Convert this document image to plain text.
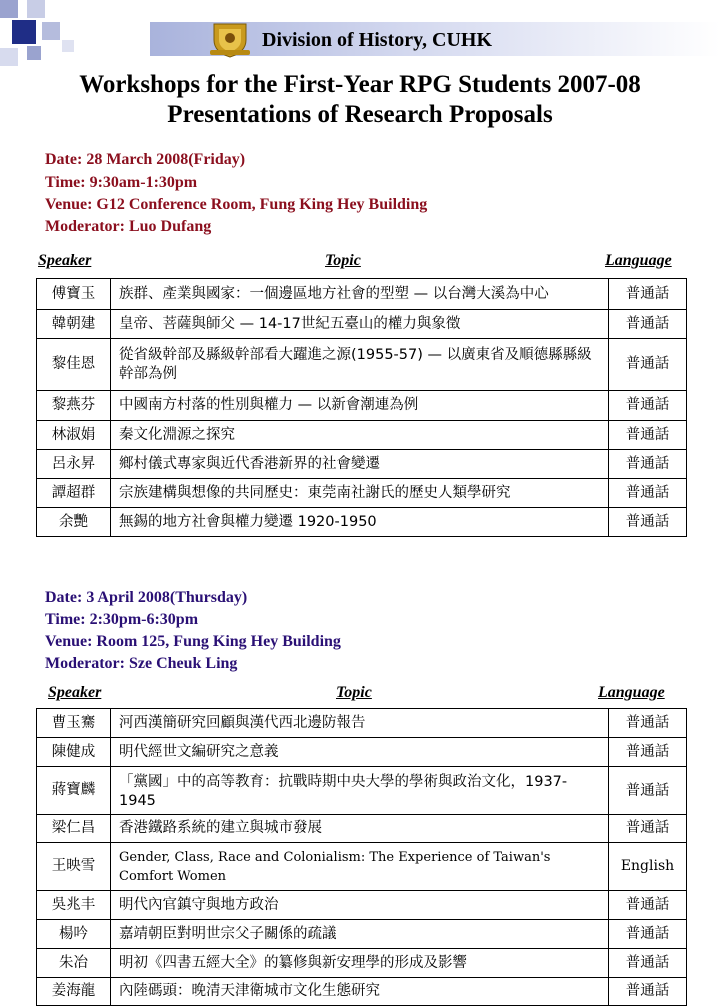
Division of History, CUHK
Workshops for the First-Year RPG Students 2007-08
Presentations of Research Proposals
Date: 28 March 2008(Friday)
Time: 9:30am-1:30pm
Venue: G12 Conference Room, Fung King Hey Building
Moderator: Luo Dufang
Speaker	Topic	Language
傅寶玉	族群、產業與國家：一個邊區地方社會的型塑 — 以台灣大溪為中心	普通話
韓朝建	皇帝、菩薩與師父 — 14-17世紀五臺山的權力與象徵	普通話
黎佳恩	從省級幹部及縣級幹部看大躍進之源(1955-57) — 以廣東省及順德縣縣級幹部為例	普通話
黎燕芬	中國南方村落的性別與權力 — 以新會潮連為例	普通話
林淑娟	秦文化淵源之探究	普通話
呂永昇	鄉村儀式專家與近代香港新界的社會變遷	普通話
譚超群	宗族建構與想像的共同歷史：東莞南社謝氏的歷史人類學研究	普通話
余艷	無錫的地方社會與權力變遷 1920-1950	普通話
Date: 3 April 2008(Thursday)
Time: 2:30pm-6:30pm
Venue: Room 125, Fung King Hey Building
Moderator: Sze Cheuk Ling
Speaker	Topic	Language
曹玉騫	河西漢簡研究回顧與漢代西北邊防報告	普通話
陳健成	明代經世文編研究之意義	普通話
蔣寶麟	「黨國」中的高等教育：抗戰時期中央大學的學術與政治文化，1937-1945	普通話
梁仁昌	香港鐵路系統的建立與城市發展	普通話
王映雪	Gender, Class, Race and Colonialism: The Experience of Taiwan's Comfort Women	English
吳兆丰	明代內官鎮守與地方政治	普通話
楊吟	嘉靖朝臣對明世宗父子關係的疏議	普通話
朱冶	明初《四書五經大全》的纂修與新安理學的形成及影響	普通話
姜海龍	內陸碼頭：晚清天津衛城市文化生態研究	普通話
